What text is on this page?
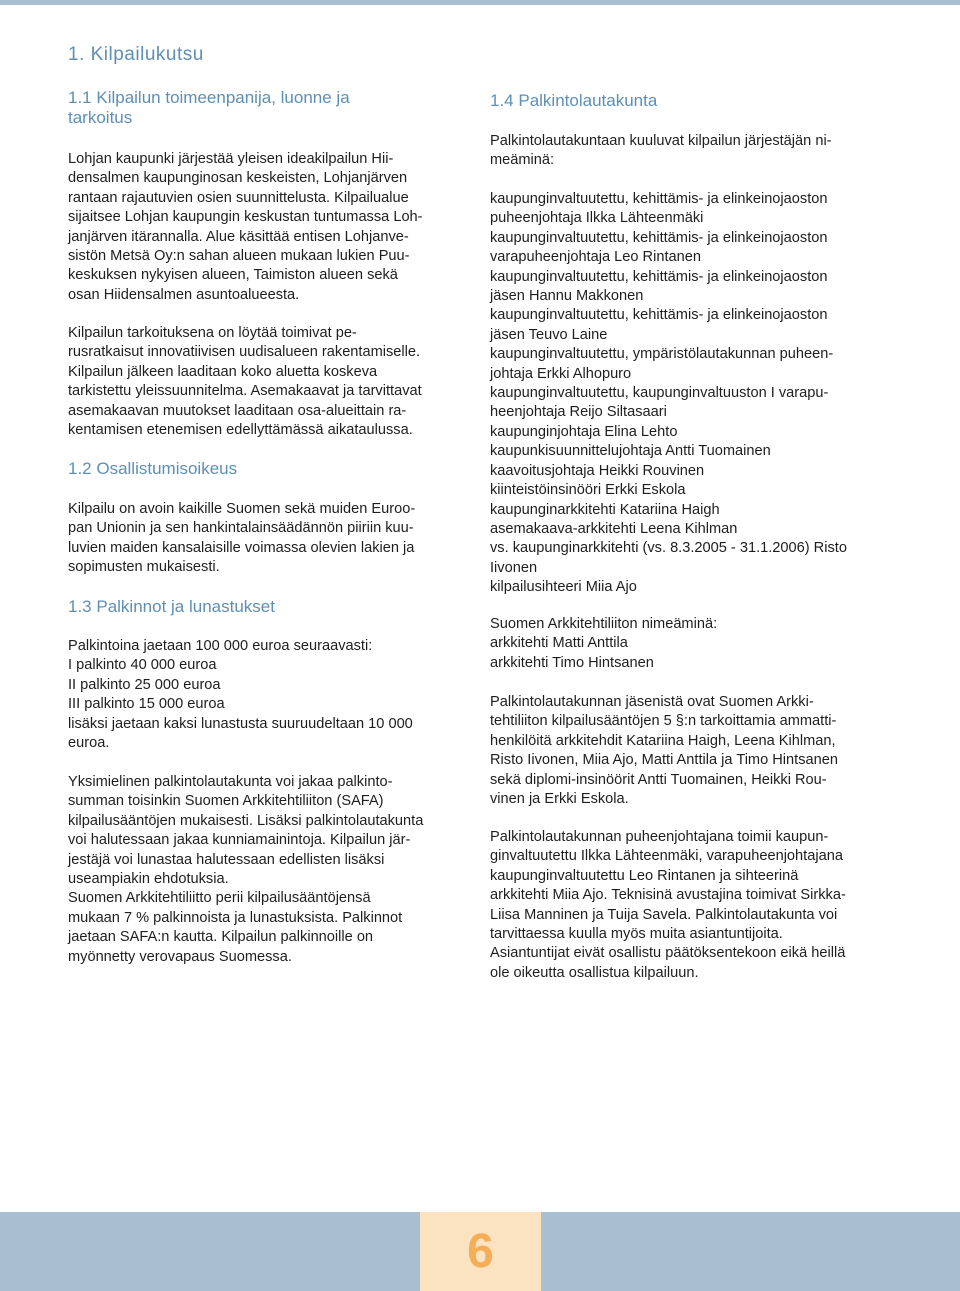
1. Kilpailukutsu
1.1 Kilpailun toimeenpanija, luonne ja
tarkoitus
Lohjan kaupunki järjestää yleisen ideakilpailun Hii-
densalmen kaupunginosan keskeisten, Lohjanjärven
rantaan rajautuvien osien suunnittelusta. Kilpailualue
sijaitsee Lohjan kaupungin keskustan tuntumassa Loh-
janjärven itärannalla. Alue käsittää entisen Lohjanve-
sistön Metsä Oy:n sahan alueen mukaan lukien Puu-
keskuksen nykyisen alueen, Taimiston alueen sekä
osan Hiidensalmen asuntoalueesta.
Kilpailun tarkoituksena on löytää toimivat pe-
rusratkaisut innovatiivisen uudisalueen rakentamiselle.
Kilpailun jälkeen laaditaan koko aluetta koskeva
tarkistettu yleissuunnitelma. Asemakaavat ja tarvittavat
asemakaavan muutokset laaditaan osa-alueittain ra-
kentamisen etenemisen edellyttämässä aikataulussa.
1.2 Osallistumisoikeus
Kilpailu on avoin kaikille Suomen sekä muiden Euroo-
pan Unionin ja sen hankintalainsäädännön piiriin kuu-
luvien maiden kansalaisille voimassa olevien lakien ja
sopimusten mukaisesti.
1.3 Palkinnot ja lunastukset
Palkintoina jaetaan 100 000 euroa seuraavasti:
I palkinto 40 000 euroa
II palkinto 25 000 euroa
III palkinto 15 000 euroa
lisäksi jaetaan kaksi lunastusta suuruudeltaan 10 000
euroa.
Yksimielinen palkintolautakunta voi jakaa palkinto-
summan toisinkin Suomen Arkkitehtiliiton (SAFA)
kilpailusääntöjen mukaisesti. Lisäksi palkintolautakunta
voi halutessaan jakaa kunniamainintoja. Kilpailun jär-
jestäjä voi lunastaa halutessaan edellisten lisäksi
useampiakin ehdotuksia.
Suomen Arkkitehtiliitto perii kilpailusääntöjensä
mukaan 7 % palkinnoista ja lunastuksista. Palkinnot
jaetaan SAFA:n kautta. Kilpailun palkinnoille on
myönnetty verovapaus Suomessa.
1.4 Palkintolautakunta
Palkintolautakuntaan kuuluvat kilpailun järjestäjän ni-
meäminä:
kaupunginvaltuutettu, kehittämis- ja elinkeinojaoston
puheenjohtaja Ilkka Lähteenmäki
kaupunginvaltuutettu, kehittämis- ja elinkeinojaoston
varapuheenjohtaja Leo Rintanen
kaupunginvaltuutettu, kehittämis- ja elinkeinojaoston
jäsen Hannu Makkonen
kaupunginvaltuutettu, kehittämis- ja elinkeinojaoston
jäsen Teuvo Laine
kaupunginvaltuutettu, ympäristölautakunnan puheen-
johtaja Erkki Alhopuro
kaupunginvaltuutettu, kaupunginvaltuuston I varapu-
heenjohtaja Reijo Siltasaari
kaupunginjohtaja Elina Lehto
kaupunkisuunnittelujohtaja Antti Tuomainen
kaavoitusjohtaja Heikki Rouvinen
kiinteistöinsinööri Erkki Eskola
kaupunginarkkitehti Katariina Haigh
asemakaava-arkkitehti Leena Kihlman
vs. kaupunginarkkitehti (vs. 8.3.2005 - 31.1.2006) Risto
Iivonen
kilpailusihteeri Miia Ajo
Suomen Arkkitehtiliiton nimeäminä:
arkkitehti Matti Anttila
arkkitehti Timo Hintsanen
Palkintolautakunnan jäsenistä ovat Suomen Arkki-
tehtiliiton kilpailusääntöjen 5 §:n tarkoittamia ammatti-
henkilöitä arkkitehdit Katariina Haigh, Leena Kihlman,
Risto Iivonen, Miia Ajo, Matti Anttila ja Timo Hintsanen
sekä diplomi-insinöörit Antti Tuomainen, Heikki Rou-
vinen ja Erkki Eskola.
Palkintolautakunnan puheenjohtajana toimii kaupun-
ginvaltuutettu Ilkka Lähteenmäki, varapuheenjohtajana
kaupunginvaltuutettu Leo Rintanen ja sihteerinä
arkkitehti Miia Ajo. Teknisinä avustajina toimivat Sirkka-
Liisa Manninen ja Tuija Savela. Palkintolautakunta voi
tarvittaessa kuulla myös muita asiantuntijoita.
Asiantuntijat eivät osallistu päätöksentekoon eikä heillä
ole oikeutta osallistua kilpailuun.
6
